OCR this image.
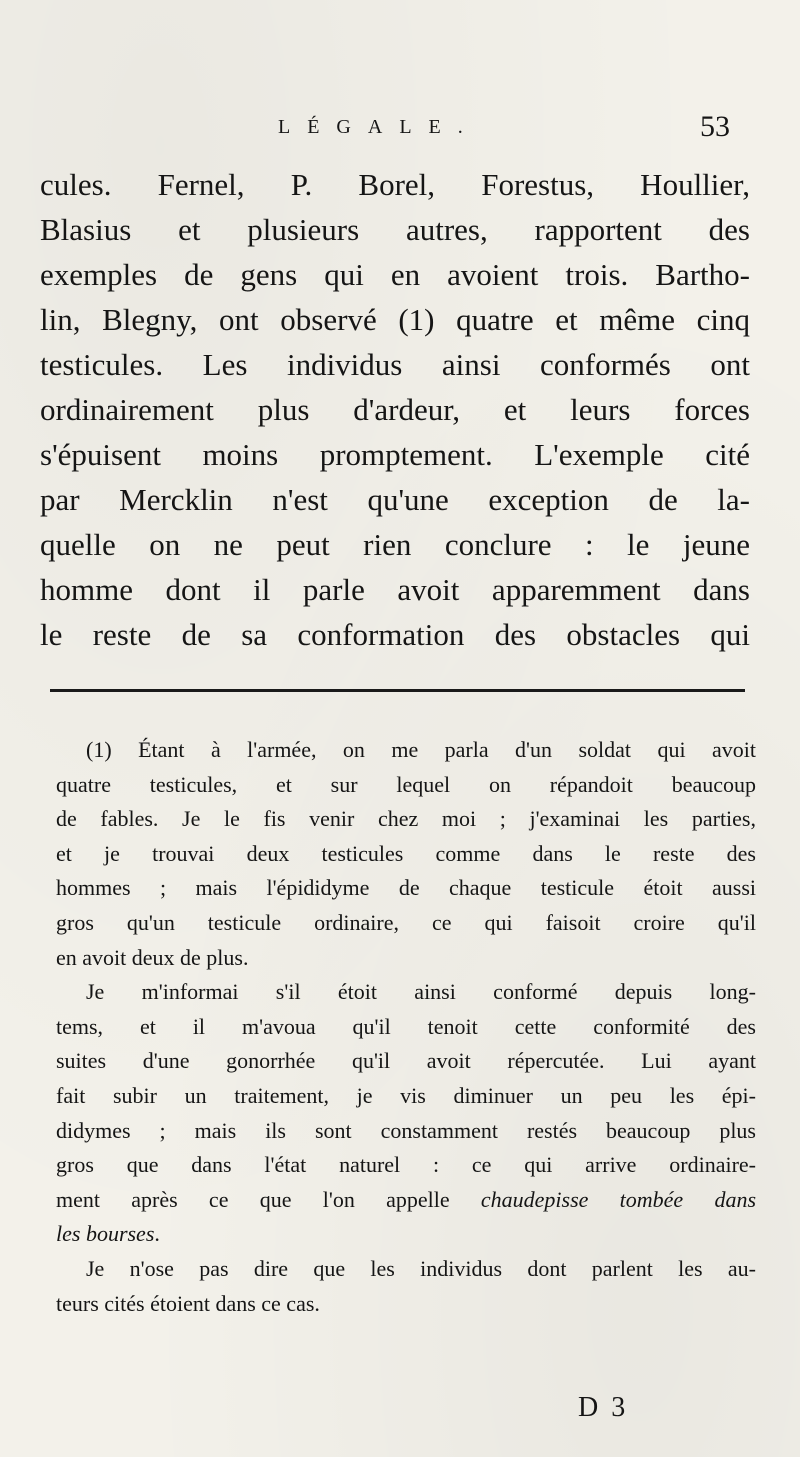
LÉGALE.	53
cules. Fernel, P. Borel, Forestus, Houllier,
Blasius et plusieurs autres, rapportent des
exemples de gens qui en avoient trois. Bartho-
lin, Blegny, ont observé (1) quatre et même cinq
testicules. Les individus ainsi conformés ont
ordinairement plus d'ardeur, et leurs forces
s'épuisent moins promptement. L'exemple cité
par Mercklin n'est qu'une exception de la-
quelle on ne peut rien conclure : le jeune
homme dont il parle avoit apparemment dans
le reste de sa conformation des obstacles qui
(1) Étant à l'armée, on me parla d'un soldat qui avoit
quatre testicules, et sur lequel on répandoit beaucoup
de fables. Je le fis venir chez moi ; j'examinai les parties,
et je trouvai deux testicules comme dans le reste des
hommes ; mais l'épididyme de chaque testicule étoit aussi
gros qu'un testicule ordinaire, ce qui faisoit croire qu'il
en avoit deux de plus.
Je m'informai s'il étoit ainsi conformé depuis long-
tems, et il m'avoua qu'il tenoit cette conformité des
suites d'une gonorrhée qu'il avoit répercutée. Lui ayant
fait subir un traitement, je vis diminuer un peu les épi-
didymes ; mais ils sont constamment restés beaucoup plus
gros que dans l'état naturel : ce qui arrive ordinaire-
ment après ce que l'on appelle chaudepisse tombée dans
les bourses.
Je n'ose pas dire que les individus dont parlent les au-
teurs cités étoient dans ce cas.
D 3
